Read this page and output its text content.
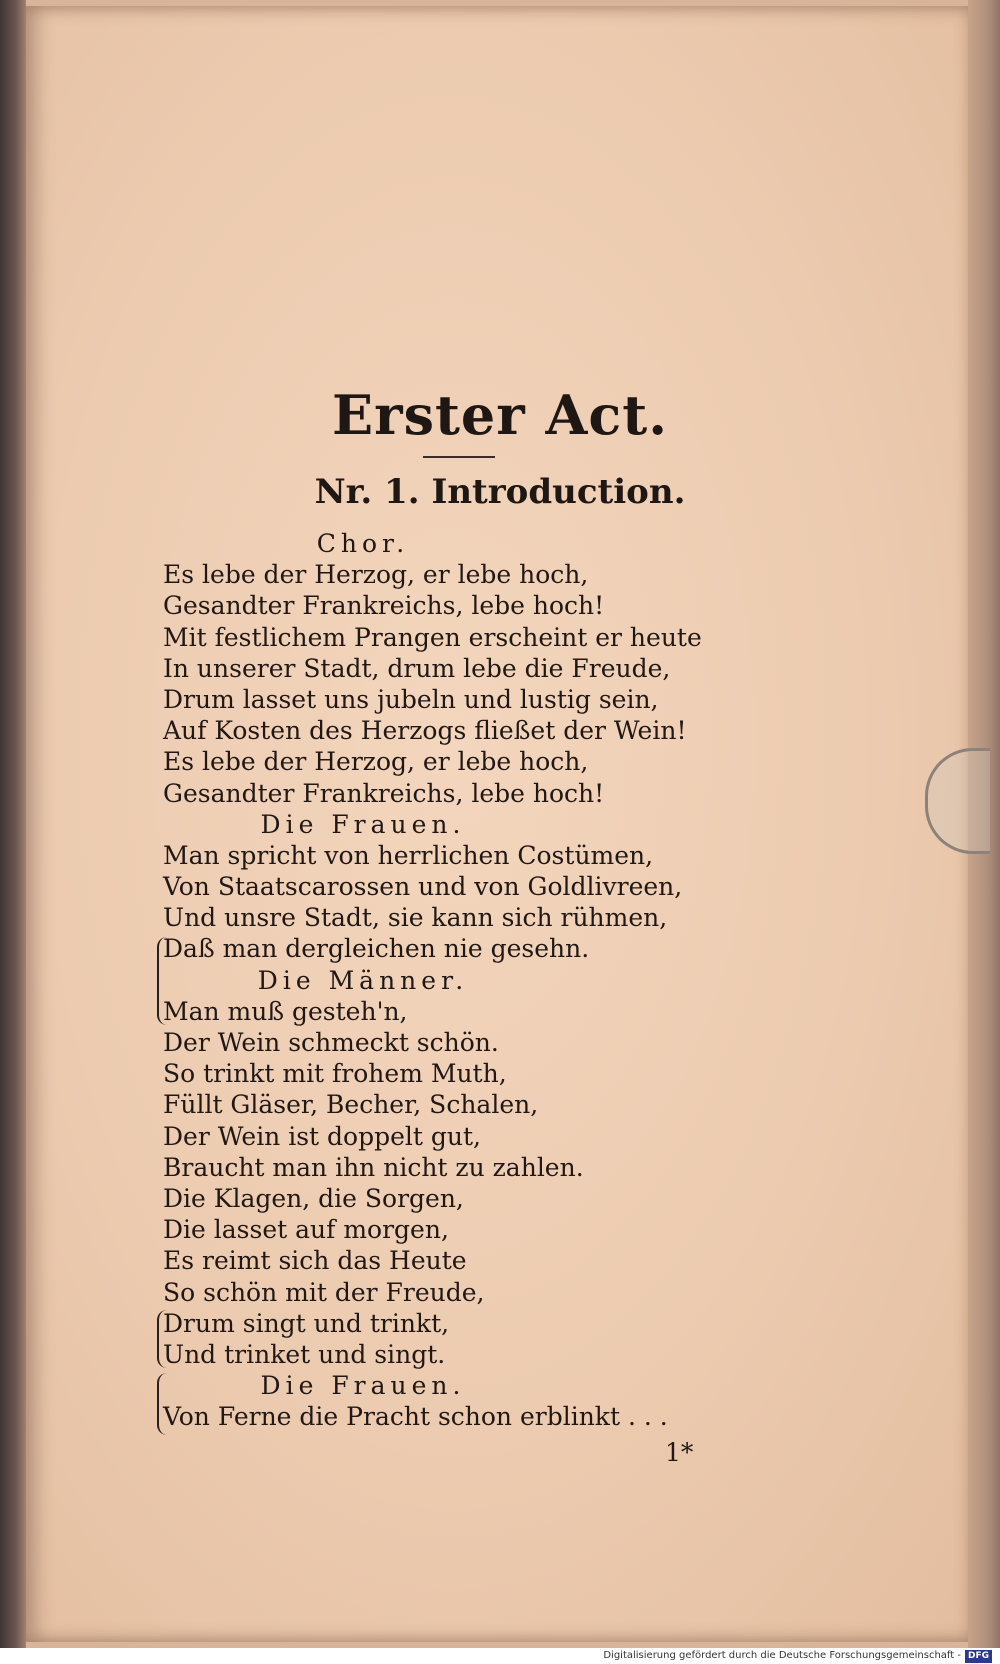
Erster Act.
Nr. 1. Introduction.
Chor.
Es lebe der Herzog, er lebe hoch,
Gesandter Frankreichs, lebe hoch!
Mit festlichem Prangen erscheint er heute
In unserer Stadt, drum lebe die Freude,
Drum lasset uns jubeln und lustig sein,
Auf Kosten des Herzogs fließet der Wein!
Es lebe der Herzog, er lebe hoch,
Gesandter Frankreichs, lebe hoch!
Die Frauen.
Man spricht von herrlichen Costümen,
Von Staatscarossen und von Goldlivreen,
Und unsre Stadt, sie kann sich rühmen,
Daß man dergleichen nie gesehn.
Die Männer.
Man muß gesteh'n,
Der Wein schmeckt schön.
So trinkt mit frohem Muth,
Füllt Gläser, Becher, Schalen,
Der Wein ist doppelt gut,
Braucht man ihn nicht zu zahlen.
Die Klagen, die Sorgen,
Die lasset auf morgen,
Es reimt sich das Heute
So schön mit der Freude,
Drum singt und trinkt,
Und trinket und singt.
Die Frauen.
Von Ferne die Pracht schon erblinkt . . .
1*
Digitalisierung gefördert durch die Deutsche Forschungsgemeinschaft - DFG
